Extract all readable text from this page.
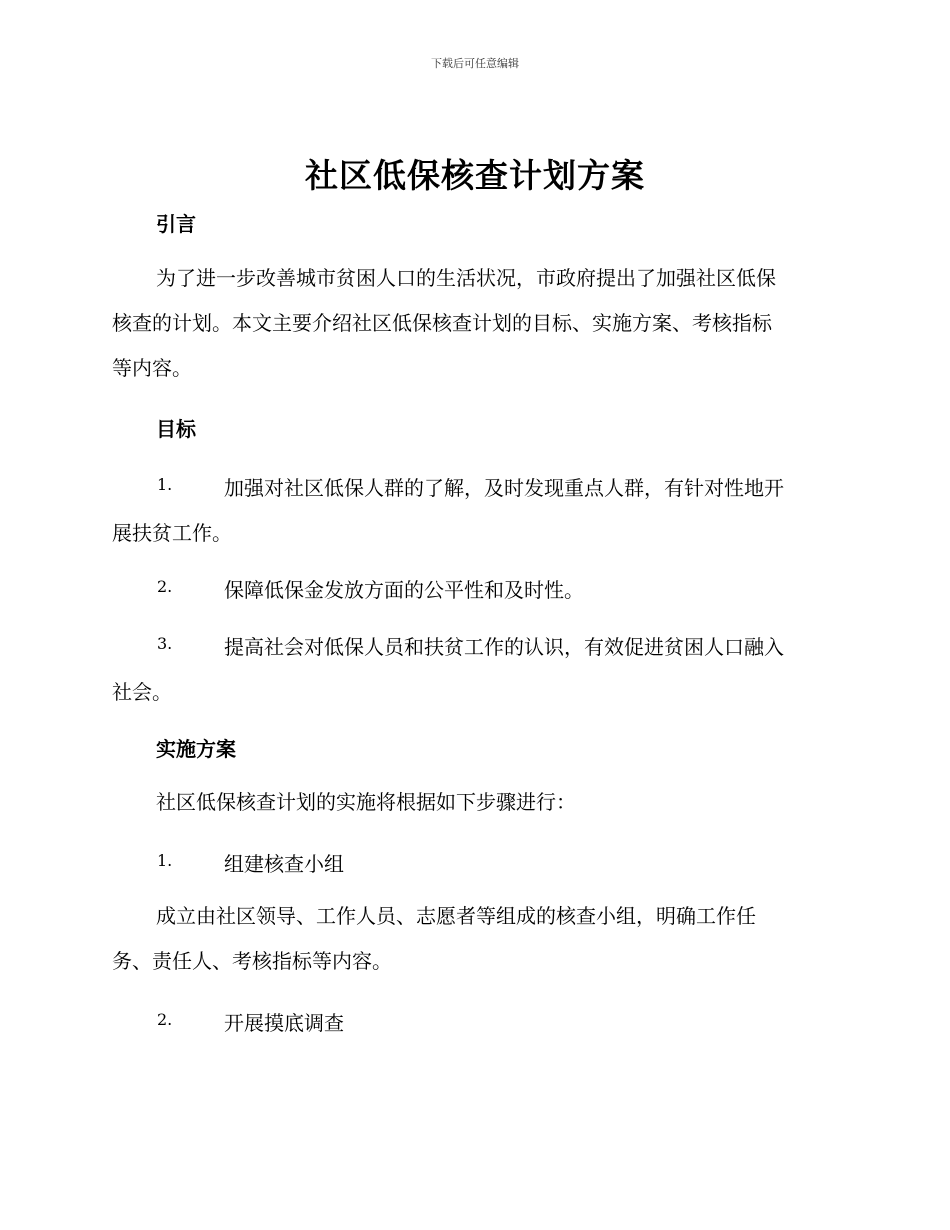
下载后可任意编辑
社区低保核查计划方案
引言
为了进一步改善城市贫困人口的生活状况，市政府提出了加强社区低保
核查的计划。本文主要介绍社区低保核查计划的目标、实施方案、考核指标
等内容。
目标
1.	加强对社区低保人群的了解，及时发现重点人群，有针对性地开
展扶贫工作。
2.	保障低保金发放方面的公平性和及时性。
3.	提高社会对低保人员和扶贫工作的认识，有效促进贫困人口融入
社会。
实施方案
社区低保核查计划的实施将根据如下步骤进行：
1.	组建核查小组
成立由社区领导、工作人员、志愿者等组成的核查小组，明确工作任
务、责任人、考核指标等内容。
2.	开展摸底调查
